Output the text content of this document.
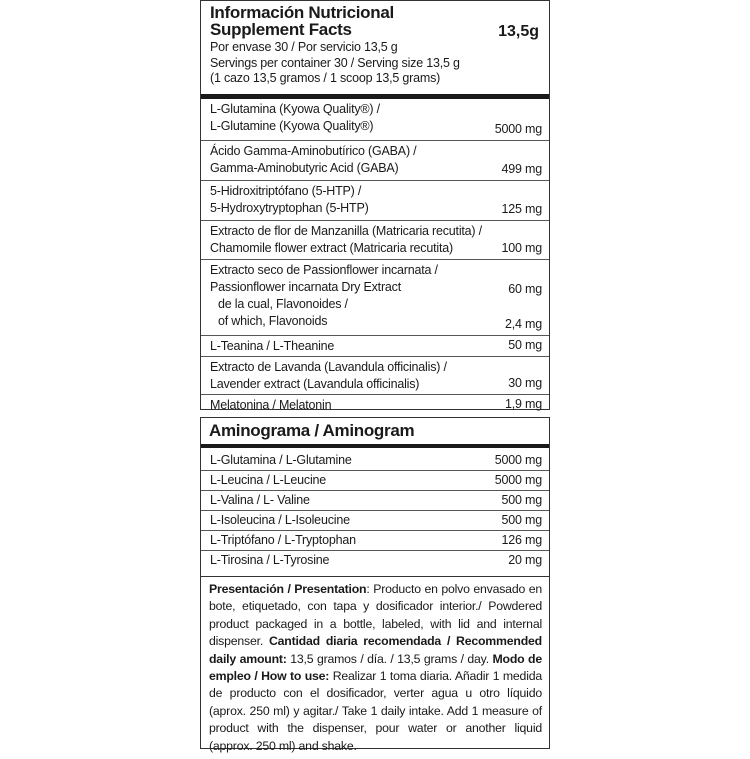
Información Nutricional
Supplement Facts	13,5g
Por envase 30 / Por servicio 13,5 g
Servings per container 30 / Serving size 13,5 g
(1 cazo 13,5 gramos / 1 scoop 13,5 grams)
L-Glutamina (Kyowa Quality®) /
L-Glutamine (Kyowa Quality®)	5000 mg
Ácido Gamma-Aminobutírico (GABA) /
Gamma-Aminobutyric Acid (GABA)	499 mg
5-Hidroxitriptófano (5-HTP) /
5-Hydroxytryptophan (5-HTP)	125 mg
Extracto de flor de Manzanilla (Matricaria recutita) /
Chamomile flower extract (Matricaria recutita)	100 mg
Extracto seco de Passionflower incarnata /
Passionflower incarnata Dry Extract	60 mg
de la cual, Flavonoides /
of which, Flavonoids	2,4 mg
L-Teanina / L-Theanine	50 mg
Extracto de Lavanda (Lavandula officinalis) /
Lavender extract (Lavandula officinalis)	30 mg
Melatonina / Melatonin	1,9 mg
Aminograma / Aminogram
L-Glutamina / L-Glutamine	5000 mg
L-Leucina / L-Leucine	5000 mg
L-Valina / L- Valine	500 mg
L-Isoleucina / L-Isoleucine	500 mg
L-Triptófano / L-Tryptophan	126 mg
L-Tirosina / L-Tyrosine	20 mg
Presentación / Presentation: Producto en polvo envasado en bote, etiquetado, con tapa y dosificador interior./ Powdered product packaged in a bottle, labeled, with lid and internal dispenser. Cantidad diaria recomendada / Recommended daily amount: 13,5 gramos / día. / 13,5 grams / day. Modo de empleo / How to use: Realizar 1 toma diaria. Añadir 1 medida de producto con el dosificador, verter agua u otro líquido (aprox. 250 ml) y agitar./ Take 1 daily intake. Add 1 measure of product with the dispenser, pour water or another liquid (approx. 250 ml) and shake.
